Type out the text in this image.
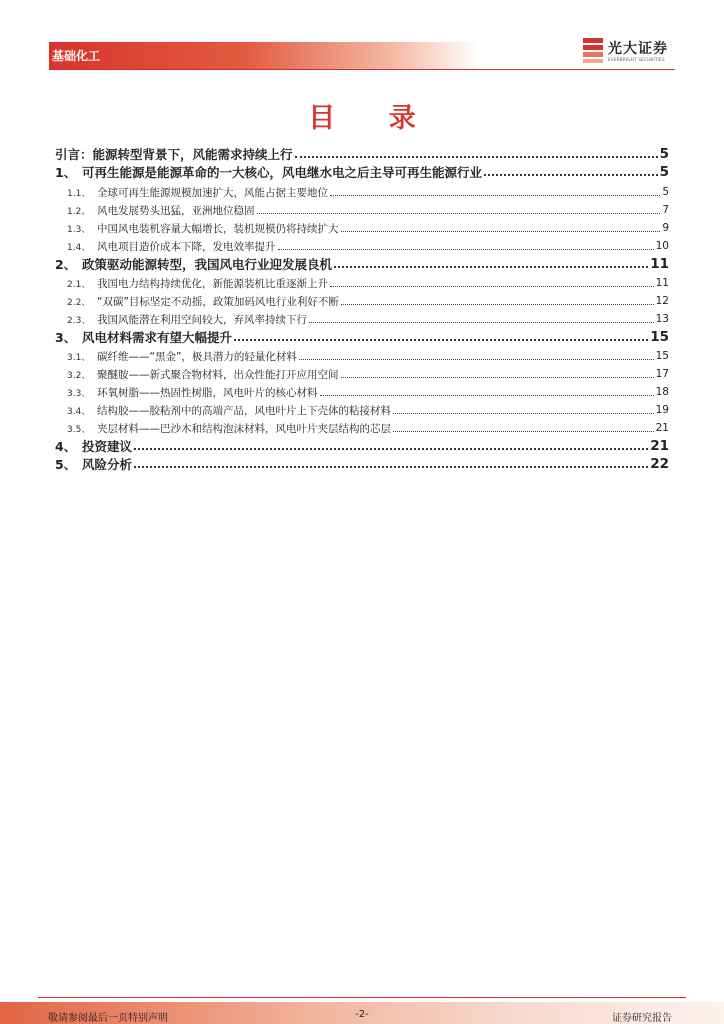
基础化工	光大证券
EVERBRIGHT SECURITIES
目 录
引言：能源转型背景下，风能需求持续上行	5
1、 可再生能源是能源革命的一大核心，风电继水电之后主导可再生能源行业	5
1.1、 全球可再生能源规模加速扩大，风能占据主要地位	5
1.2、 风电发展势头迅猛，亚洲地位稳固	7
1.3、 中国风电装机容量大幅增长，装机规模仍将持续扩大	9
1.4、 风电项目造价成本下降，发电效率提升	10
2、 政策驱动能源转型，我国风电行业迎发展良机	11
2.1、 我国电力结构持续优化，新能源装机比重逐渐上升	11
2.2、 “双碳”目标坚定不动摇，政策加码风电行业利好不断	12
2.3、 我国风能潜在利用空间较大，弃风率持续下行	13
3、 风电材料需求有望大幅提升	15
3.1、 碳纤维——“黑金”，极具潜力的轻量化材料	15
3.2、 聚醚胺——新式聚合物材料，出众性能打开应用空间	17
3.3、 环氧树脂——热固性树脂，风电叶片的核心材料	18
3.4、 结构胶——胶粘剂中的高端产品，风电叶片上下壳体的粘接材料	19
3.5、 夹层材料——巴沙木和结构泡沫材料，风电叶片夹层结构的芯层	21
4、 投资建议	21
5、 风险分析	22
敬请参阅最后一页特别声明	-2-	证券研究报告
